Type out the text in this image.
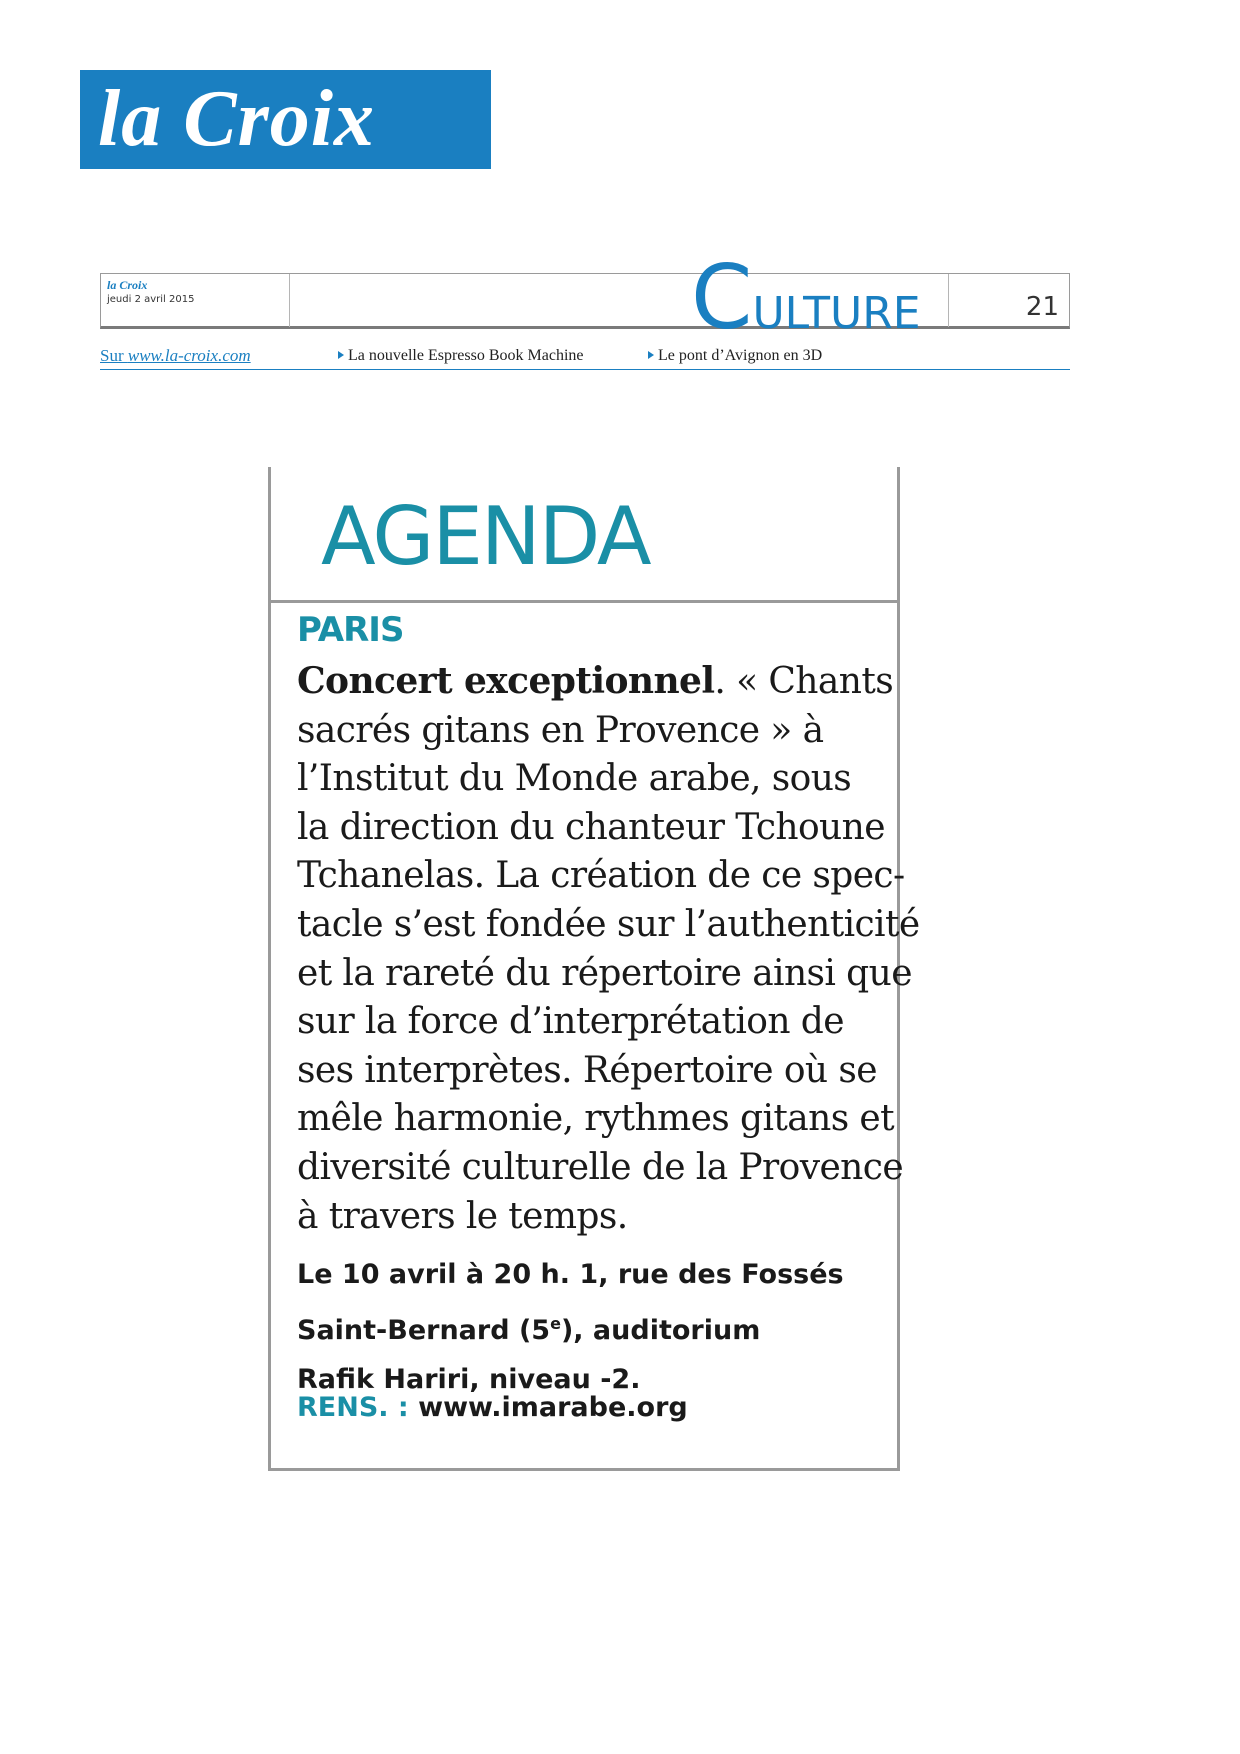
la Croix
la Croix
jeudi 2 avril 2015	CULTURE	21
Sur www.la-croix.com	La nouvelle Espresso Book Machine	Le pont d’Avignon en 3D
AGENDA
PARIS
Concert exceptionnel. « Chants
sacrés gitans en Provence » à
l’Institut du Monde arabe, sous
la direction du chanteur Tchoune
Tchanelas. La création de ce spec-
tacle s’est fondée sur l’authenticité
et la rareté du répertoire ainsi que
sur la force d’interprétation de
ses interprètes. Répertoire où se
mêle harmonie, rythmes gitans et
diversité culturelle de la Provence
à travers le temps.
Le 10 avril à 20 h. 1, rue des Fossés
Saint-Bernard (5e), auditorium
Rafik Hariri, niveau -2.
RENS. : www.imarabe.org
